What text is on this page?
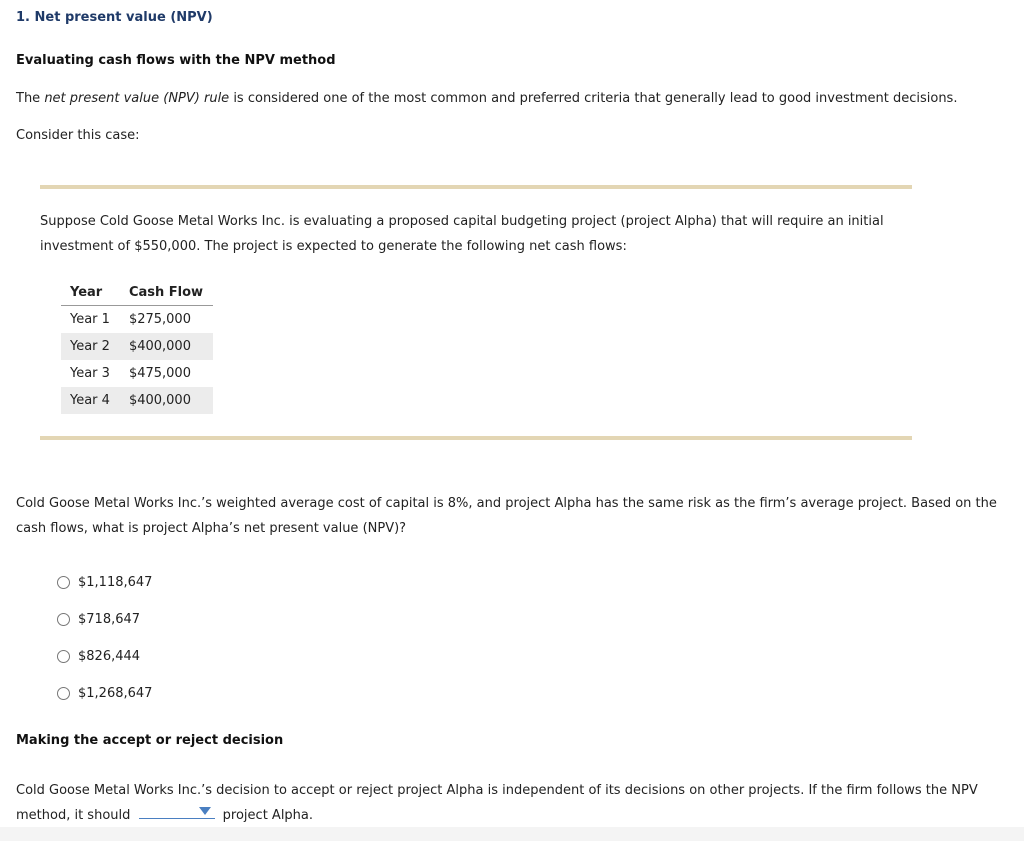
1. Net present value (NPV)
Evaluating cash flows with the NPV method
The net present value (NPV) rule is considered one of the most common and preferred criteria that generally lead to good investment decisions.
Consider this case:
Suppose Cold Goose Metal Works Inc. is evaluating a proposed capital budgeting project (project Alpha) that will require an initial
investment of $550,000. The project is expected to generate the following net cash flows:
Year	Cash Flow
Year 1	$275,000
Year 2	$400,000
Year 3	$475,000
Year 4	$400,000
Cold Goose Metal Works Inc.’s weighted average cost of capital is 8%, and project Alpha has the same risk as the firm’s average project. Based on the
cash flows, what is project Alpha’s net present value (NPV)?
$1,118,647
$718,647
$826,444
$1,268,647
Making the accept or reject decision
Cold Goose Metal Works Inc.’s decision to accept or reject project Alpha is independent of its decisions on other projects. If the firm follows the NPV
method, it should	project Alpha.
